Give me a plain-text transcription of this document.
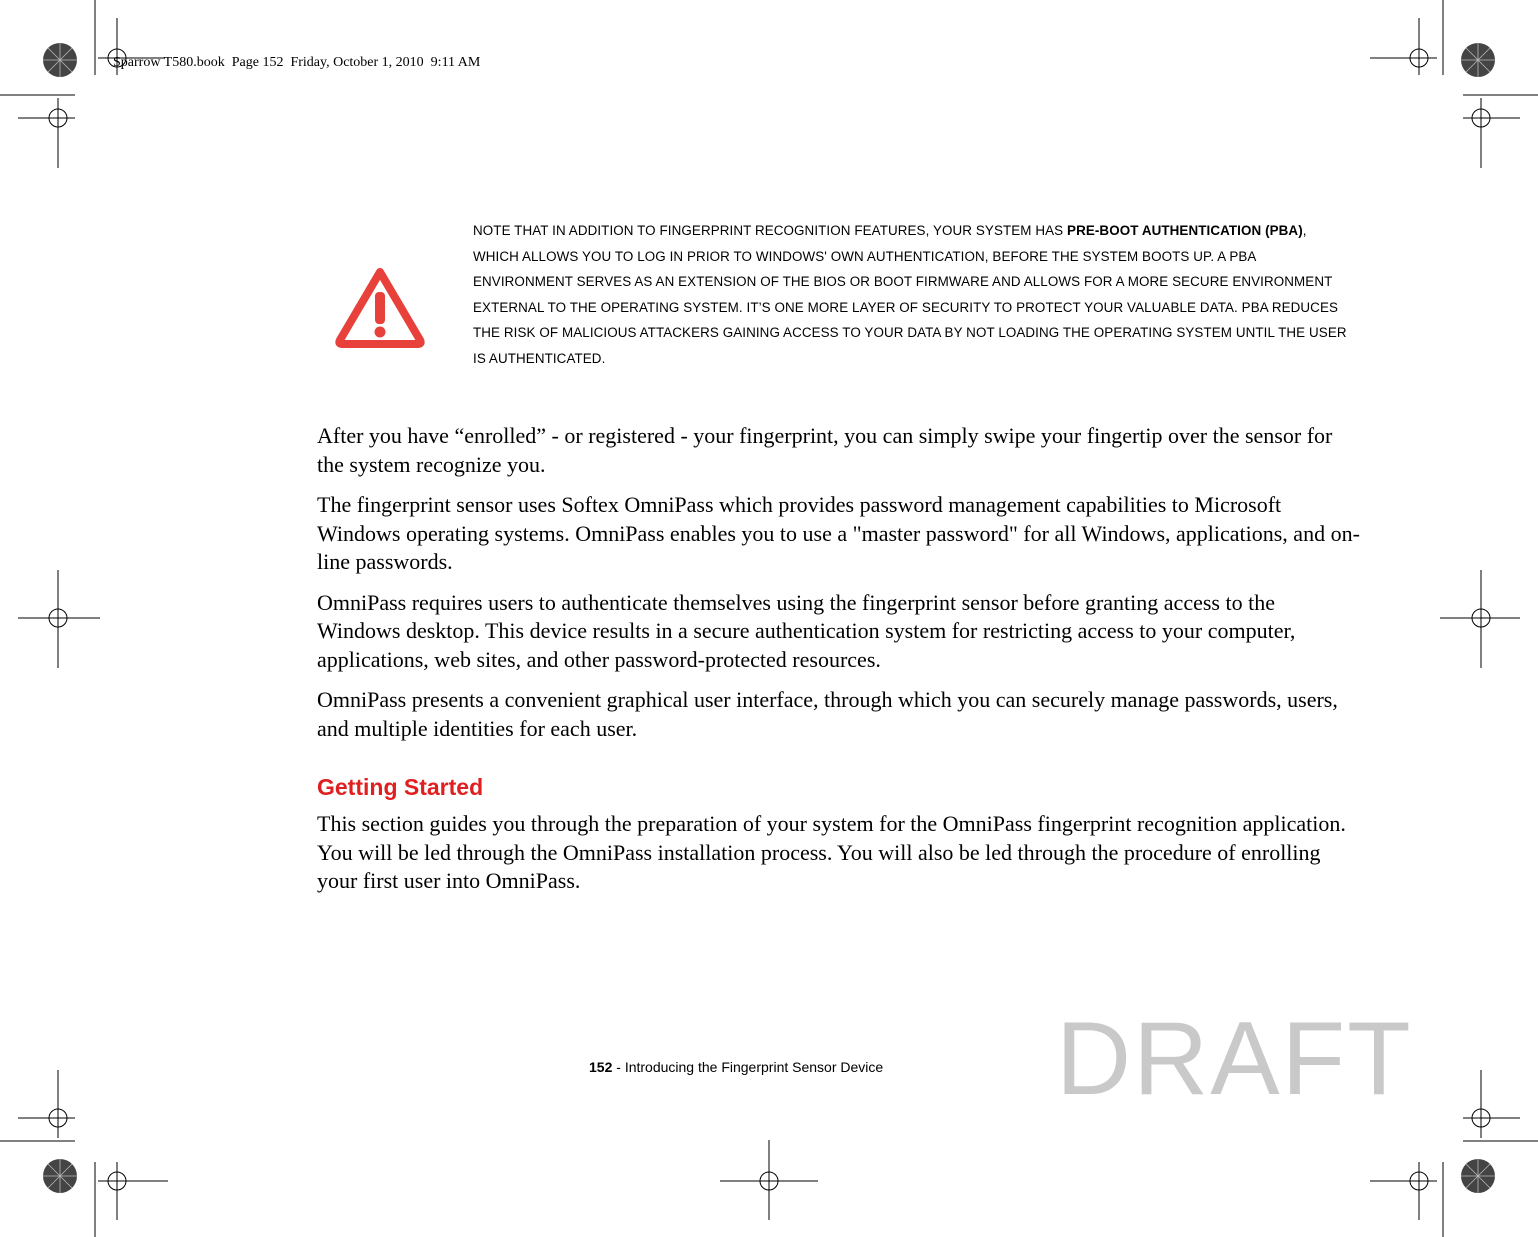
Sparrow T580.book  Page 152  Friday, October 1, 2010  9:11 AM
NOTE THAT IN ADDITION TO FINGERPRINT RECOGNITION FEATURES, YOUR SYSTEM HAS PRE-BOOT AUTHENTICATION (PBA), WHICH ALLOWS YOU TO LOG IN PRIOR TO WINDOWS' OWN AUTHENTICATION, BEFORE THE SYSTEM BOOTS UP. A PBA ENVIRONMENT SERVES AS AN EXTENSION OF THE BIOS OR BOOT FIRMWARE AND ALLOWS FOR A MORE SECURE ENVIRONMENT EXTERNAL TO THE OPERATING SYSTEM. IT’S ONE MORE LAYER OF SECURITY TO PROTECT YOUR VALUABLE DATA. PBA REDUCES THE RISK OF MALICIOUS ATTACKERS GAINING ACCESS TO YOUR DATA BY NOT LOADING THE OPERATING SYSTEM UNTIL THE USER IS AUTHENTICATED.

After you have “enrolled” - or registered - your fingerprint, you can simply swipe your fingertip over the sensor for the system recognize you.

The fingerprint sensor uses Softex OmniPass which provides password management capabilities to Microsoft Windows operating systems. OmniPass enables you to use a "master password" for all Windows, applications, and on-line passwords.

OmniPass requires users to authenticate themselves using the fingerprint sensor before granting access to the Windows desktop. This device results in a secure authentication system for restricting access to your computer, applications, web sites, and other password-protected resources.

OmniPass presents a convenient graphical user interface, through which you can securely manage passwords, users, and multiple identities for each user.

Getting Started
This section guides you through the preparation of your system for the OmniPass fingerprint recognition application. You will be led through the OmniPass installation process. You will also be led through the procedure of enrolling your first user into OmniPass.
152 - Introducing the Fingerprint Sensor Device DRAFT
